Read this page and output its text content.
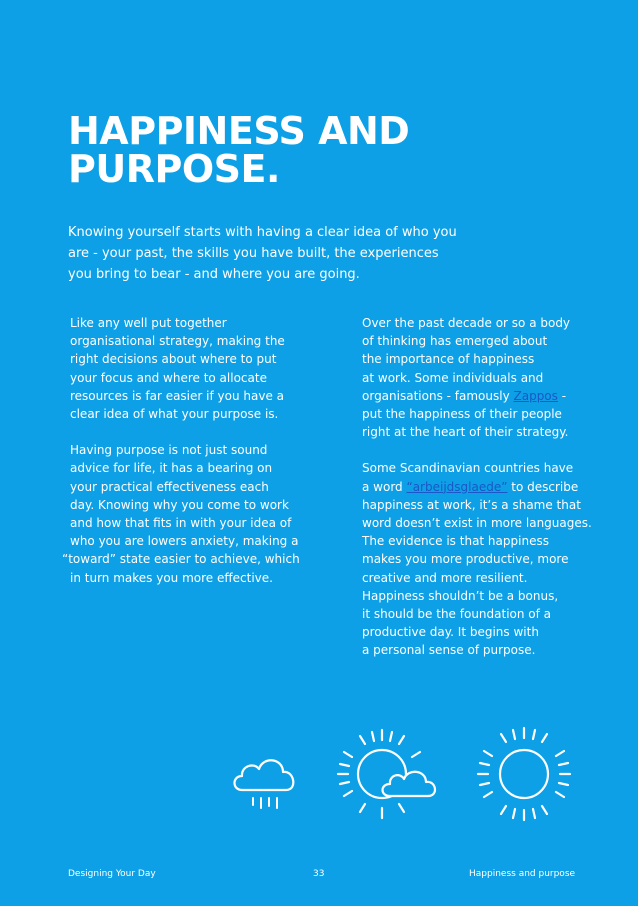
HAPPINESS AND
PURPOSE.
Knowing yourself starts with having a clear idea of who you
are - your past, the skills you have built, the experiences
you bring to bear - and where you are going.
Like any well put together
organisational strategy, making the
right decisions about where to put
your focus and where to allocate
resources is far easier if you have a
clear idea of what your purpose is.
Having purpose is not just sound
advice for life, it has a bearing on
your practical effectiveness each
day. Knowing why you come to work
and how that fits in with your idea of
who you are lowers anxiety, making a
“toward” state easier to achieve, which
in turn makes you more effective.
Over the past decade or so a body
of thinking has emerged about
the importance of happiness
at work. Some individuals and
organisations - famously Zappos -
put the happiness of their people
right at the heart of their strategy.
Some Scandinavian countries have
a word “arbeijdsglaede” to describe
happiness at work, it’s a shame that
word doesn’t exist in more languages.
The evidence is that happiness
makes you more productive, more
creative and more resilient.
Happiness shouldn’t be a bonus,
it should be the foundation of a
productive day. It begins with
a personal sense of purpose.
Designing Your Day	33	Happiness and purpose
